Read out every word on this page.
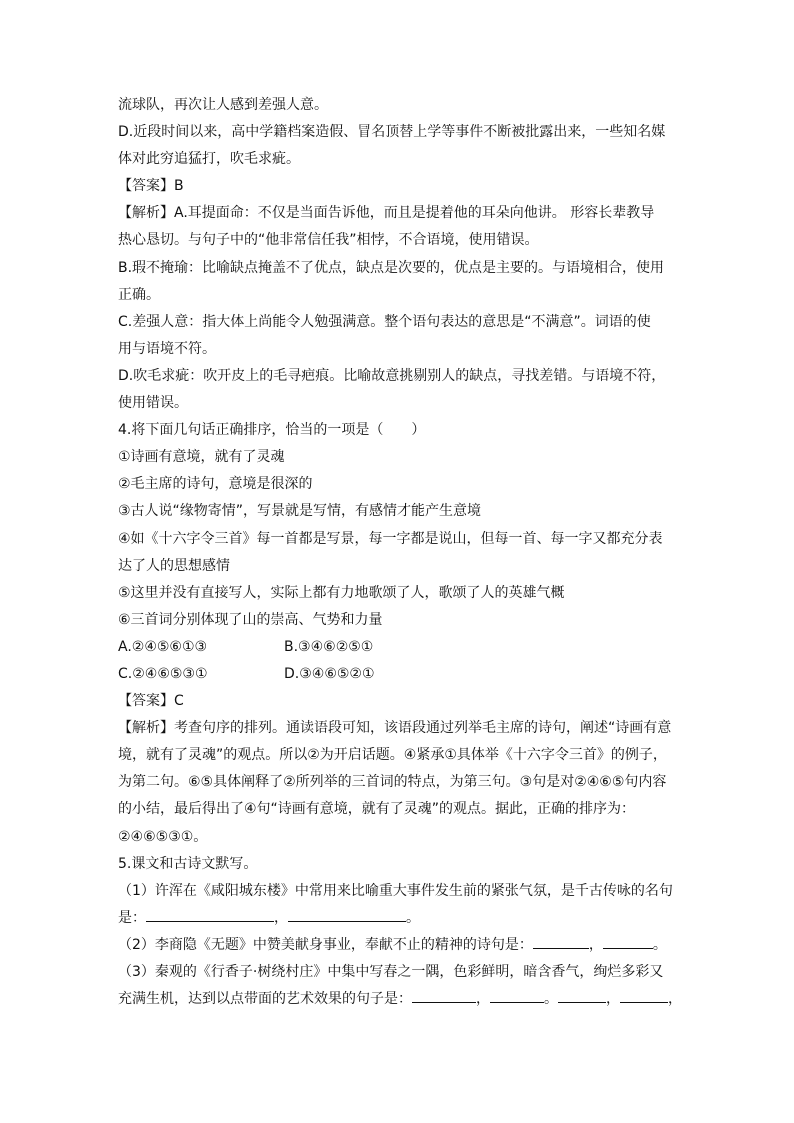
流球队，再次让人感到差强人意。
D.近段时间以来，高中学籍档案造假、冒名顶替上学等事件不断被批露出来，一些知名媒
体对此穷追猛打，吹毛求疵。
【答案】B
【解析】A.耳提面命：不仅是当面告诉他，而且是提着他的耳朵向他讲。 形容长辈教导
热心恳切。与句子中的“他非常信任我”相悖，不合语境，使用错误。
B.瑕不掩瑜：比喻缺点掩盖不了优点，缺点是次要的，优点是主要的。与语境相合，使用
正确。
C.差强人意：指大体上尚能令人勉强满意。整个语句表达的意思是“不满意”。词语的使
用与语境不符。
D.吹毛求疵：吹开皮上的毛寻疤痕。比喻故意挑剔别人的缺点，寻找差错。与语境不符，
使用错误。
4.将下面几句话正确排序，恰当的一项是（　　）
①诗画有意境，就有了灵魂
②毛主席的诗句，意境是很深的
③古人说“缘物寄情”，写景就是写情，有感情才能产生意境
④如《十六字令三首》每一首都是写景，每一字都是说山，但每一首、每一字又都充分表
达了人的思想感情
⑤这里并没有直接写人，实际上都有力地歌颂了人，歌颂了人的英雄气概
⑥三首词分别体现了山的崇高、气势和力量
A.②④⑤⑥①③	B.③④⑥②⑤①
C.②④⑥⑤③①	D.③④⑥⑤②①
【答案】C
【解析】考查句序的排列。通读语段可知，该语段通过列举毛主席的诗句，阐述“诗画有意
境，就有了灵魂”的观点。所以②为开启话题。④紧承①具体举《十六字令三首》的例子，
为第二句。⑥⑤具体阐释了②所列举的三首词的特点，为第三句。③句是对②④⑥⑤句内容
的小结，最后得出了④句“诗画有意境，就有了灵魂”的观点。据此，正确的排序为：
②④⑥⑤③①。
5.课文和古诗文默写。
（1）许浑在《咸阳城东楼》中常用来比喻重大事件发生前的紧张气氛，是千古传咏的名句
是：	，	。
（2）李商隐《无题》中赞美献身事业，奉献不止的精神的诗句是：	，	。
（3）秦观的《行香子·树绕村庄》中集中写春之一隅，色彩鲜明，暗含香气，绚烂多彩又
充满生机，达到以点带面的艺术效果的句子是：	，	。	，	，
